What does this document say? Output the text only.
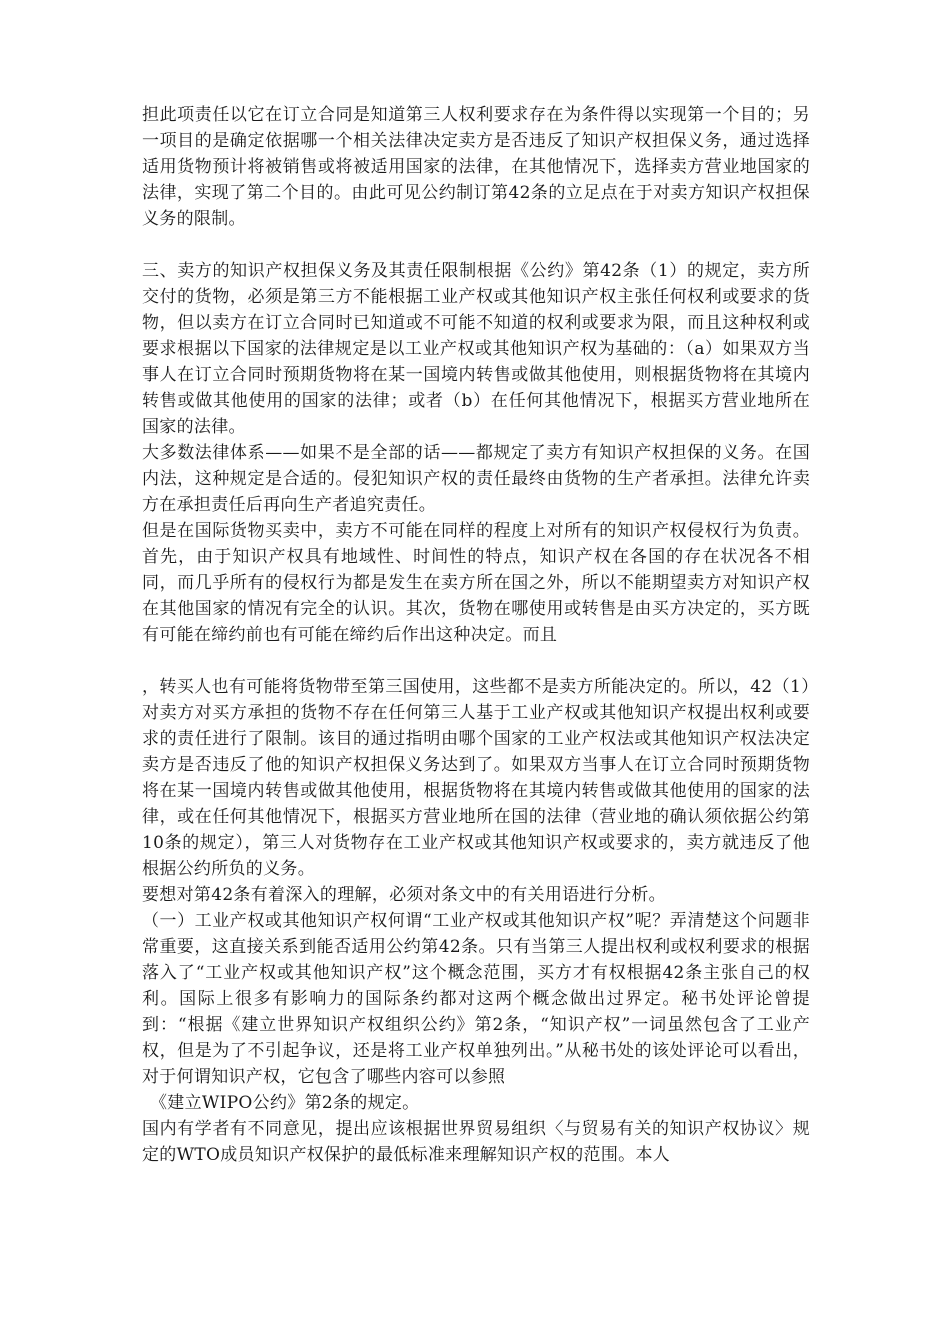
担此项责任以它在订立合同是知道第三人权利要求存在为条件得以实现第一个目的；另一项目的是确定依据哪一个相关法律决定卖方是否违反了知识产权担保义务，通过选择适用货物预计将被销售或将被适用国家的法律，在其他情况下，选择卖方营业地国家的法律，实现了第二个目的。由此可见公约制订第42条的立足点在于对卖方知识产权担保义务的限制。

三、卖方的知识产权担保义务及其责任限制根据《公约》第42条（1）的规定，卖方所交付的货物，必须是第三方不能根据工业产权或其他知识产权主张任何权利或要求的货物，但以卖方在订立合同时已知道或不可能不知道的权利或要求为限，而且这种权利或要求根据以下国家的法律规定是以工业产权或其他知识产权为基础的：（a）如果双方当事人在订立合同时预期货物将在某一国境内转售或做其他使用，则根据货物将在其境内转售或做其他使用的国家的法律；或者（b）在任何其他情况下，根据买方营业地所在国家的法律。

大多数法律体系——如果不是全部的话——都规定了卖方有知识产权担保的义务。在国内法，这种规定是合适的。侵犯知识产权的责任最终由货物的生产者承担。法律允许卖方在承担责任后再向生产者追究责任。

但是在国际货物买卖中，卖方不可能在同样的程度上对所有的知识产权侵权行为负责。首先，由于知识产权具有地域性、时间性的特点，知识产权在各国的存在状况各不相同，而几乎所有的侵权行为都是发生在卖方所在国之外，所以不能期望卖方对知识产权在其他国家的情况有完全的认识。其次，货物在哪使用或转售是由买方决定的，买方既有可能在缔约前也有可能在缔约后作出这种决定。而且

，转买人也有可能将货物带至第三国使用，这些都不是卖方所能决定的。所以，42（1）对卖方对买方承担的货物不存在任何第三人基于工业产权或其他知识产权提出权利或要求的责任进行了限制。该目的通过指明由哪个国家的工业产权法或其他知识产权法决定卖方是否违反了他的知识产权担保义务达到了。如果双方当事人在订立合同时预期货物将在某一国境内转售或做其他使用，根据货物将在其境内转售或做其他使用的国家的法律，或在任何其他情况下，根据买方营业地所在国的法律（营业地的确认须依据公约第10条的规定），第三人对货物存在工业产权或其他知识产权或要求的，卖方就违反了他根据公约所负的义务。

要想对第42条有着深入的理解，必须对条文中的有关用语进行分析。

（一）工业产权或其他知识产权何谓“工业产权或其他知识产权”呢？弄清楚这个问题非常重要，这直接关系到能否适用公约第42条。只有当第三人提出权利或权利要求的根据落入了“工业产权或其他知识产权”这个概念范围，买方才有权根据42条主张自己的权利。国际上很多有影响力的国际条约都对这两个概念做出过界定。秘书处评论曾提到：“根据《建立世界知识产权组织公约》第2条，“知识产权”一词虽然包含了工业产权，但是为了不引起争议，还是将工业产权单独列出。”从秘书处的该处评论可以看出，对于何谓知识产权，它包含了哪些内容可以参照

《建立WIPO公约》第2条的规定。

国内有学者有不同意见，提出应该根据世界贸易组织〈与贸易有关的知识产权协议〉规定的WTO成员知识产权保护的最低标准来理解知识产权的范围。本人
